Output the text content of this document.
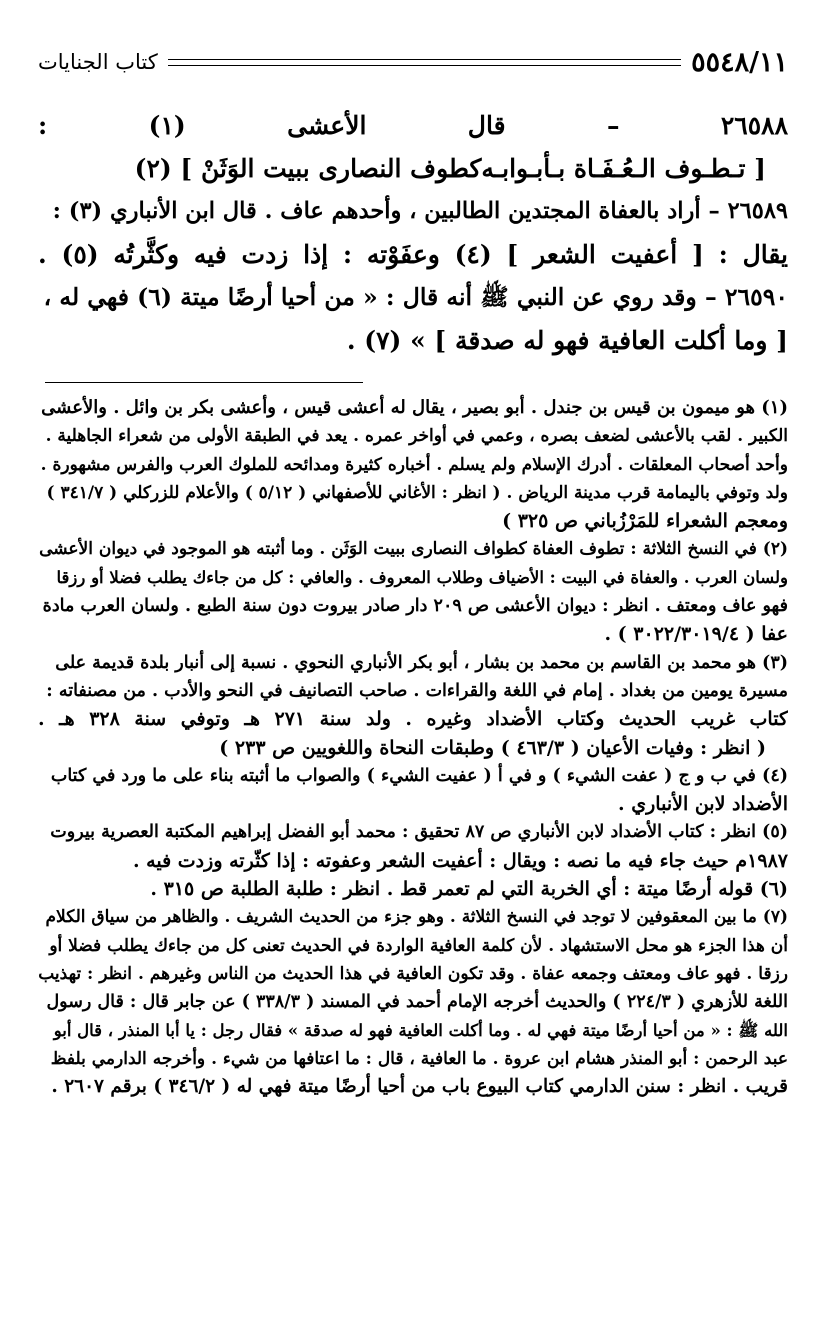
٥٥٤٨/١١
كتاب الجنايات
٢٦٥٨٨ – قال الأعشى (١) :
[ تـطـوف الـعُـفَـاة بـأبـوابـه
كطوف النصارى ببيت الوَثَنْ ] (٢)
٢٦٥٨٩ – أراد بالعفاة المجتدين الطالبين ، وأحدهم عاف . قال ابن الأنباري (٣) :
يقال : [ أعفيت الشعر ] (٤) وعفَوْته : إذا زدت فيه وكثَّرتُه (٥) .
٢٦٥٩٠ – وقد روي عن النبي ﷺ أنه قال : « من أحيا أرضًا ميتة (٦) فهي له ،
[ وما أكلت العافية فهو له صدقة ] » (٧) .
(١) هو ميمون بن قيس بن جندل . أبو بصير ، يقال له أعشى قيس ، وأعشى بكر بن وائل . والأعشى
الكبير . لقب بالأعشى لضعف بصره ، وعمي في أواخر عمره . يعد في الطبقة الأولى من شعراء الجاهلية .
وأحد أصحاب المعلقات . أدرك الإسلام ولم يسلم . أخباره كثيرة ومدائحه للملوك العرب والفرس مشهورة .
ولد وتوفي باليمامة قرب مدينة الرياض . ( انظر : الأغاني للأصفهاني ( ٥/١٢ ) والأعلام للزركلي ( ٣٤١/٧ )
ومعجم الشعراء للمَرْزُباني ص ٣٢٥ )
(٢) في النسخ الثلاثة : تطوف العفاة كطواف النصارى ببيت الوَثَن . وما أثبته هو الموجود في ديوان الأعشى
ولسان العرب . والعفاة في البيت : الأضياف وطلاب المعروف . والعافي : كل من جاءك يطلب فضلا أو رزقا
فهو عاف ومعتف . انظر : ديوان الأعشى ص ٢٠٩ دار صادر بيروت دون سنة الطبع . ولسان العرب مادة
عفا ( ٣٠٢٢/٣٠١٩/٤ ) .
(٣) هو محمد بن القاسم بن محمد بن بشار ، أبو بكر الأنباري النحوي . نسبة إلى أنبار بلدة قديمة على
مسيرة يومين من بغداد . إمام في اللغة والقراءات . صاحب التصانيف في النحو والأدب . من مصنفاته :
كتاب غريب الحديث وكتاب الأضداد وغيره . ولد سنة ٢٧١ هـ وتوفي سنة ٣٢٨ هـ .
( انظر : وفيات الأعيان ( ٤٦٣/٣ ) وطبقات النحاة واللغويين ص ٢٣٣ )
(٤) في ب و ج ( عفت الشيء ) و في أ ( عفيت الشيء ) والصواب ما أثبته بناء على ما ورد في كتاب
الأضداد لابن الأنباري .
(٥) انظر : كتاب الأضداد لابن الأنباري ص ٨٧ تحقيق : محمد أبو الفضل إبراهيم المكتبة العصرية بيروت
١٩٨٧م حيث جاء فيه ما نصه : ويقال : أعفيت الشعر وعفوته : إذا كثّرته وزدت فيه .
(٦) قوله أرضًا ميتة : أي الخربة التي لم تعمر قط . انظر : طلبة الطلبة ص ٣١٥ .
(٧) ما بين المعقوفين لا توجد في النسخ الثلاثة . وهو جزء من الحديث الشريف . والظاهر من سياق الكلام
أن هذا الجزء هو محل الاستشهاد . لأن كلمة العافية الواردة في الحديث تعنى كل من جاءك يطلب فضلا أو
رزقا . فهو عاف ومعتف وجمعه عفاة . وقد تكون العافية في هذا الحديث من الناس وغيرهم . انظر : تهذيب
اللغة للأزهري ( ٢٢٤/٣ ) والحديث أخرجه الإمام أحمد في المسند ( ٣٣٨/٣ ) عن جابر قال : قال رسول
الله ﷺ : « من أحيا أرضًا ميتة فهي له . وما أكلت العافية فهو له صدقة » فقال رجل : يا أبا المنذر ، قال أبو
عبد الرحمن : أبو المنذر هشام ابن عروة . ما العافية ، قال : ما اعتافها من شيء . وأخرجه الدارمي بلفظ
قريب . انظر : سنن الدارمي كتاب البيوع باب من أحيا أرضًا ميتة فهي له ( ٣٤٦/٢ ) برقم ٢٦٠٧ .
